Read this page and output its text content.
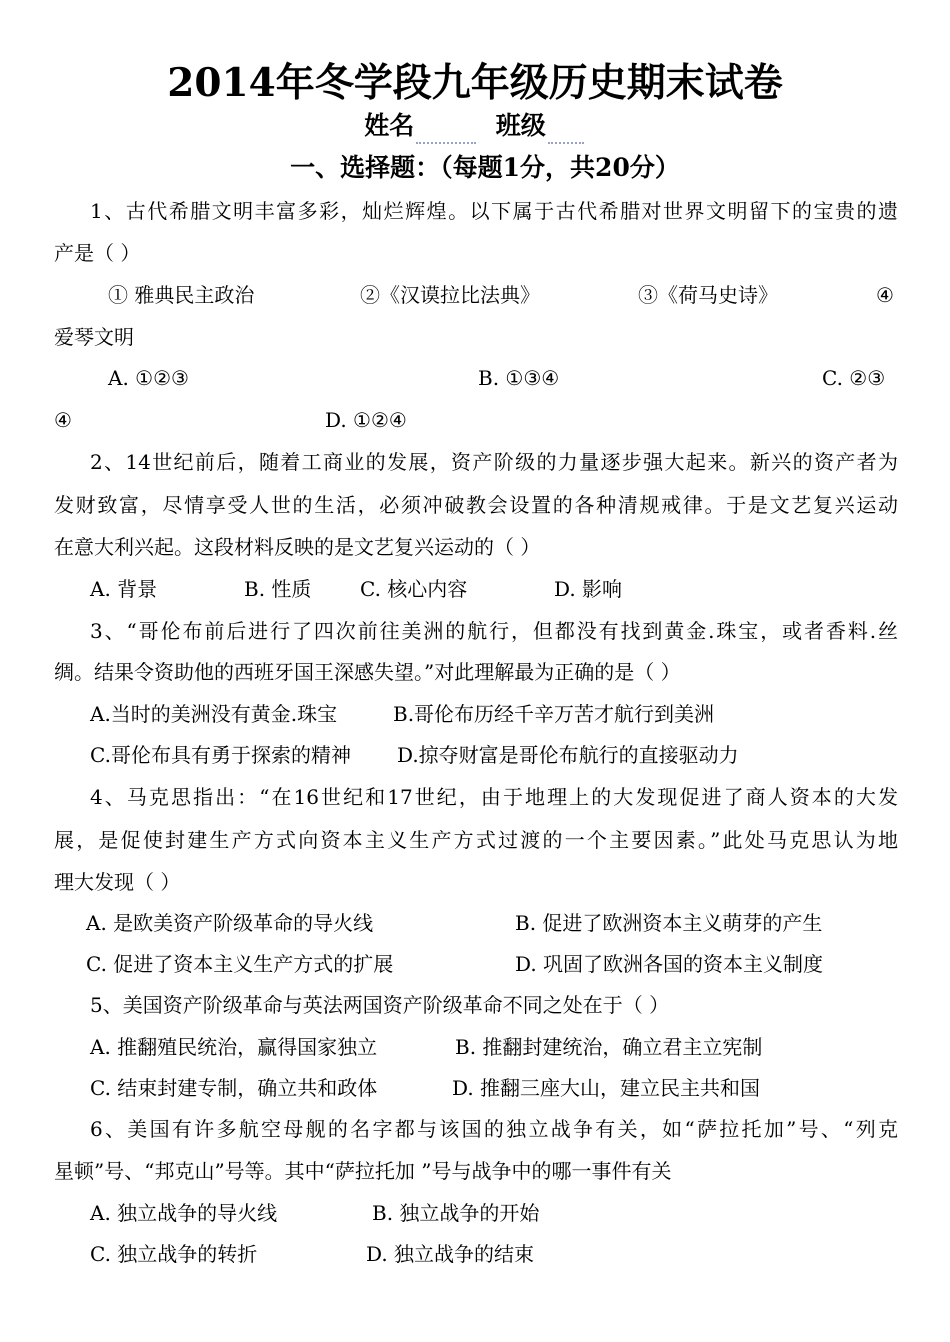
2014年冬学段九年级历史期末试卷
姓名	班级
一、选择题：（每题1分，共20分）
1、古代希腊文明丰富多彩，灿烂辉煌。以下属于古代希腊对世界文明留下的宝贵的遗
产是（ ）
① 雅典民主政治	②《汉谟拉比法典》	③《荷马史诗》	④
爱琴文明
A. ①②③	B. ①③④	C. ②③
④	D. ①②④
2、14世纪前后，随着工商业的发展，资产阶级的力量逐步强大起来。新兴的资产者为
发财致富，尽情享受人世的生活，必须冲破教会设置的各种清规戒律。于是文艺复兴运动
在意大利兴起。这段材料反映的是文艺复兴运动的（ ）
A. 背景	B. 性质 C. 核心内容	D. 影响
3、“哥伦布前后进行了四次前往美洲的航行，但都没有找到黄金.珠宝，或者香料.丝
绸。结果令资助他的西班牙国王深感失望。”对此理解最为正确的是（ ）
A.当时的美洲没有黄金.珠宝	B.哥伦布历经千辛万苦才航行到美洲
C.哥伦布具有勇于探索的精神 D.掠夺财富是哥伦布航行的直接驱动力
4、马克思指出：“在16世纪和17世纪，由于地理上的大发现促进了商人资本的大发
展，是促使封建生产方式向资本主义生产方式过渡的一个主要因素。”此处马克思认为地
理大发现（ ）
A. 是欧美资产阶级革命的导火线	B. 促进了欧洲资本主义萌芽的产生
C. 促进了资本主义生产方式的扩展	D. 巩固了欧洲各国的资本主义制度
5、美国资产阶级革命与英法两国资产阶级革命不同之处在于（ ）
A. 推翻殖民统治，赢得国家独立	B. 推翻封建统治，确立君主立宪制
C. 结束封建专制，确立共和政体	D. 推翻三座大山，建立民主共和国
6、美国有许多航空母舰的名字都与该国的独立战争有关，如“萨拉托加”号、“列克
星顿”号、“邦克山”号等。其中“萨拉托加 ”号与战争中的哪一事件有关
A. 独立战争的导火线	B. 独立战争的开始
C. 独立战争的转折	D. 独立战争的结束
